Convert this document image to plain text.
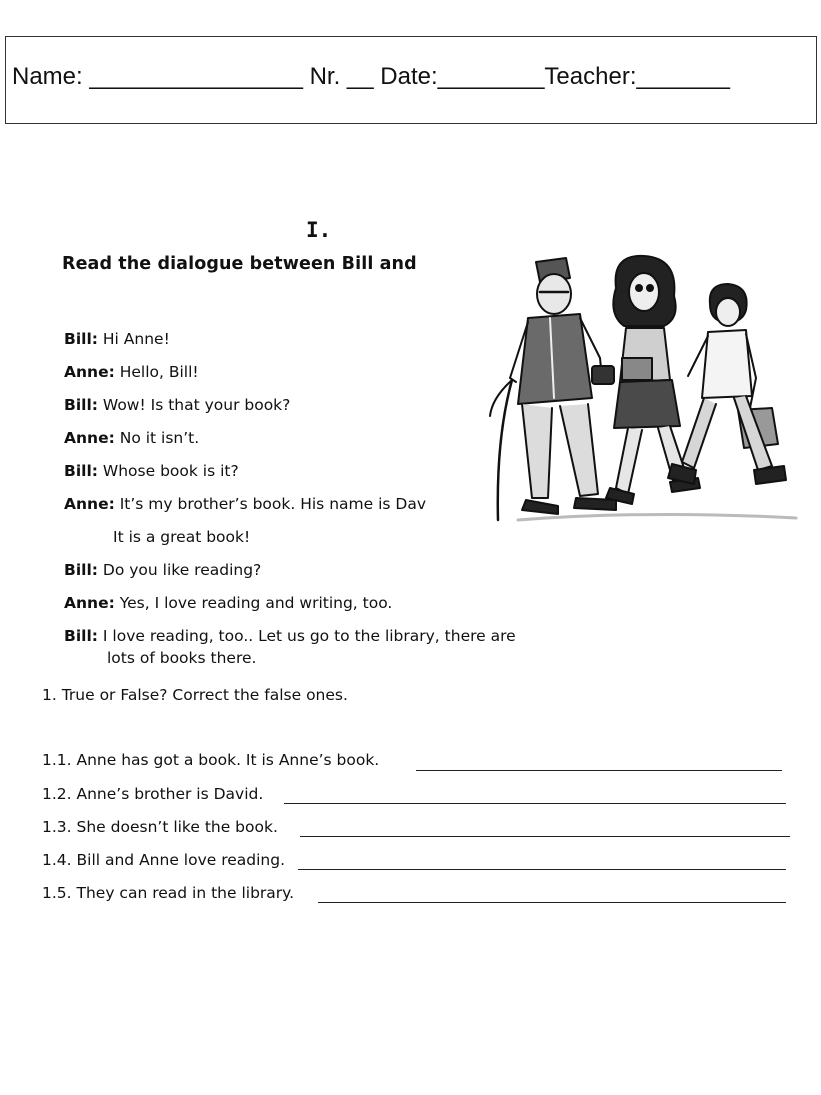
Name: ________________ Nr. __ Date:________Teacher:_______
I.
Read the dialogue between Bill and
Bill: Hi Anne!
Anne: Hello, Bill!
Bill: Wow! Is that your book?
Anne: No it isn’t.
Bill: Whose book is it?
Anne: It’s my brother’s book. His name is Dav
It is a great book!
Bill: Do you like reading?
Anne: Yes, I love reading and writing, too.
Bill: I love reading, too.. Let us go to the library, there are
lots of books there.
1. True or False? Correct the false ones.
1.1. Anne has got a book. It is Anne’s book.
1.2. Anne’s brother is David.
1.3. She doesn’t like the book.
1.4. Bill and Anne love reading.
1.5. They can read in the library.
